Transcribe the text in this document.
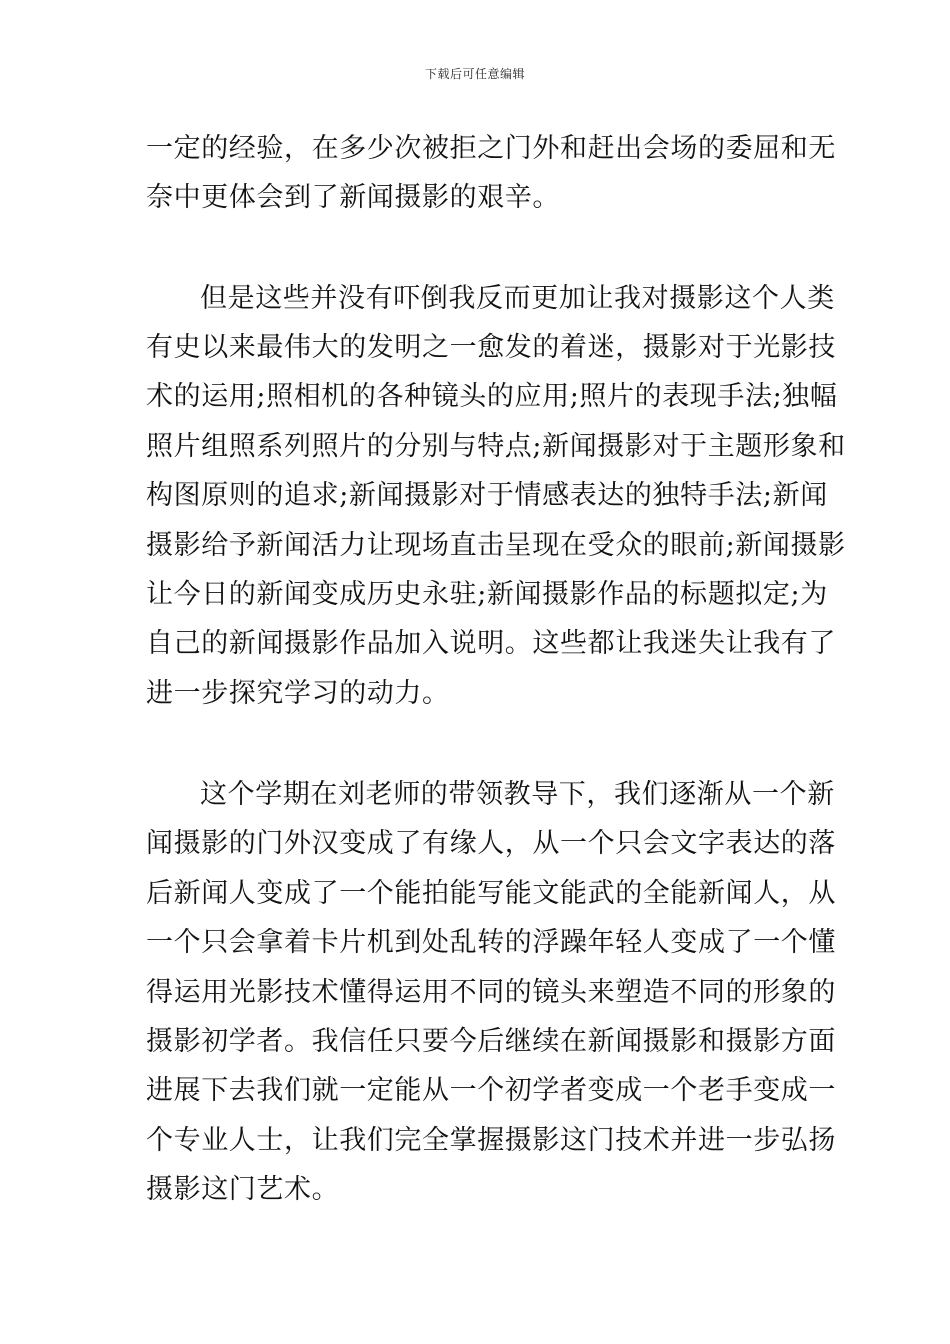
下载后可任意编辑
一定的经验，在多少次被拒之门外和赶出会场的委屈和无
奈中更体会到了新闻摄影的艰辛。
但是这些并没有吓倒我反而更加让我对摄影这个人类
有史以来最伟大的发明之一愈发的着迷，摄影对于光影技
术的运用;照相机的各种镜头的应用;照片的表现手法;独幅
照片组照系列照片的分别与特点;新闻摄影对于主题形象和
构图原则的追求;新闻摄影对于情感表达的独特手法;新闻
摄影给予新闻活力让现场直击呈现在受众的眼前;新闻摄影
让今日的新闻变成历史永驻;新闻摄影作品的标题拟定;为
自己的新闻摄影作品加入说明。这些都让我迷失让我有了
进一步探究学习的动力。
这个学期在刘老师的带领教导下，我们逐渐从一个新
闻摄影的门外汉变成了有缘人，从一个只会文字表达的落
后新闻人变成了一个能拍能写能文能武的全能新闻人，从
一个只会拿着卡片机到处乱转的浮躁年轻人变成了一个懂
得运用光影技术懂得运用不同的镜头来塑造不同的形象的
摄影初学者。我信任只要今后继续在新闻摄影和摄影方面
进展下去我们就一定能从一个初学者变成一个老手变成一
个专业人士，让我们完全掌握摄影这门技术并进一步弘扬
摄影这门艺术。
